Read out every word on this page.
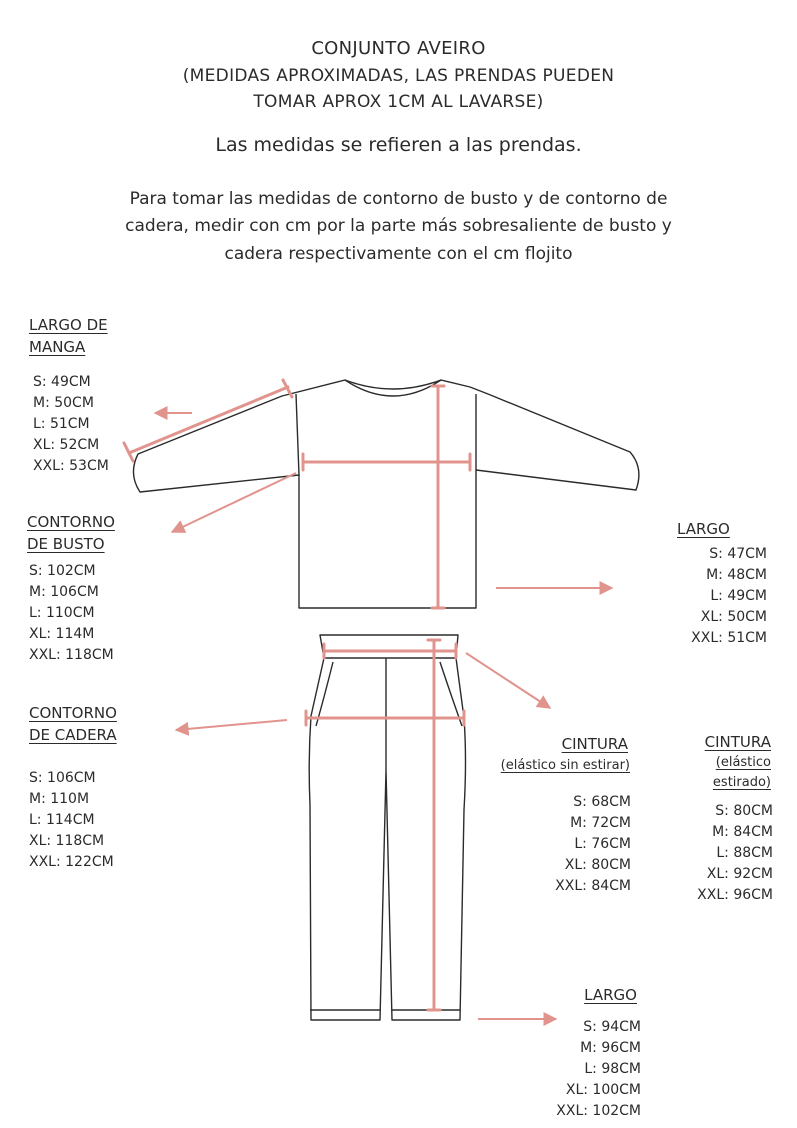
CONJUNTO AVEIRO
(MEDIDAS APROXIMADAS, LAS PRENDAS PUEDEN
TOMAR APROX 1CM AL LAVARSE)
Las medidas se refieren a las prendas.
Para tomar las medidas de contorno de busto y de contorno de
cadera, medir con cm por la parte más sobresaliente de busto y
cadera respectivamente con el cm flojito
LARGO DE
MANGA
S: 49CM
M: 50CM
L: 51CM
XL: 52CM
XXL: 53CM
CONTORNO
DE BUSTO
S: 102CM
M: 106CM
L: 110CM
XL: 114M
XXL: 118CM
LARGO
S: 47CM
M: 48CM
L: 49CM
XL: 50CM
XXL: 51CM
CONTORNO
DE CADERA
S: 106CM
M: 110M
L: 114CM
XL: 118CM
XXL: 122CM
CINTURA
(elástico sin estirar)
S: 68CM
M: 72CM
L: 76CM
XL: 80CM
XXL: 84CM
CINTURA
(elástico
estirado)
S: 80CM
M: 84CM
L: 88CM
XL: 92CM
XXL: 96CM
LARGO
S: 94CM
M: 96CM
L: 98CM
XL: 100CM
XXL: 102CM
